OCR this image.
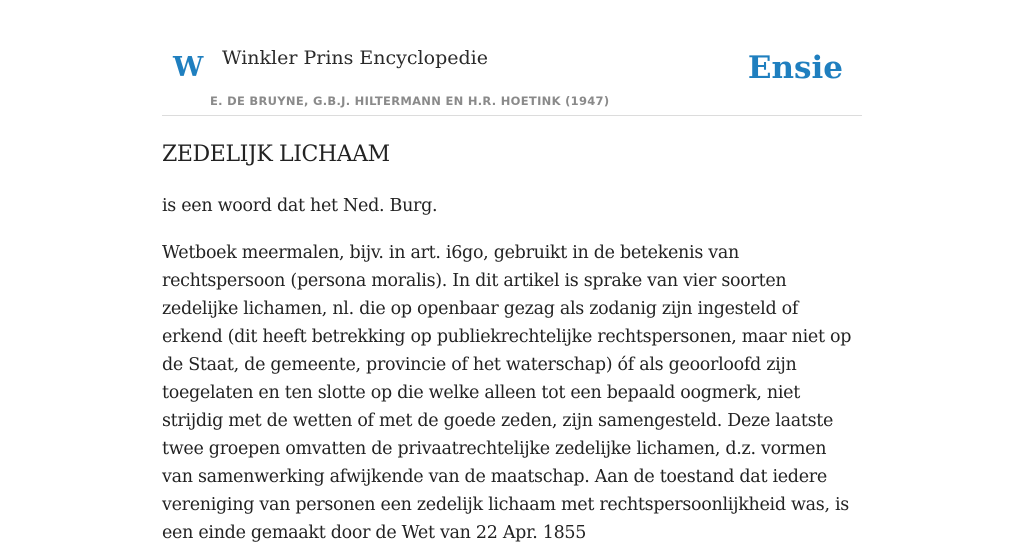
W Winkler Prins Encyclopedie
E. DE BRUYNE, G.B.J. HILTERMANN EN H.R. HOETINK (1947)
Ensie
ZEDELIJK LICHAAM

is een woord dat het Ned. Burg.

Wetboek meermalen, bijv. in art. i6go, gebruikt in de betekenis van rechtspersoon (persona moralis). In dit artikel is sprake van vier soorten zedelijke lichamen, nl. die op openbaar gezag als zodanig zijn ingesteld of erkend (dit heeft betrekking op publiekrechtelijke rechtspersonen, maar niet op de Staat, de gemeente, provincie of het waterschap) óf als geoorloofd zijn toegelaten en ten slotte op die welke alleen tot een bepaald oogmerk, niet strijdig met de wetten of met de goede zeden, zijn samengesteld. Deze laatste twee groepen omvatten de privaatrechtelijke zedelijke lichamen, d.z. vormen van samenwerking afwijkende van de maatschap. Aan de toestand dat iedere vereniging van personen een zedelijk lichaam met rechtspersoonlijkheid was, is een einde gemaakt door de Wet van 22 Apr. 1855
